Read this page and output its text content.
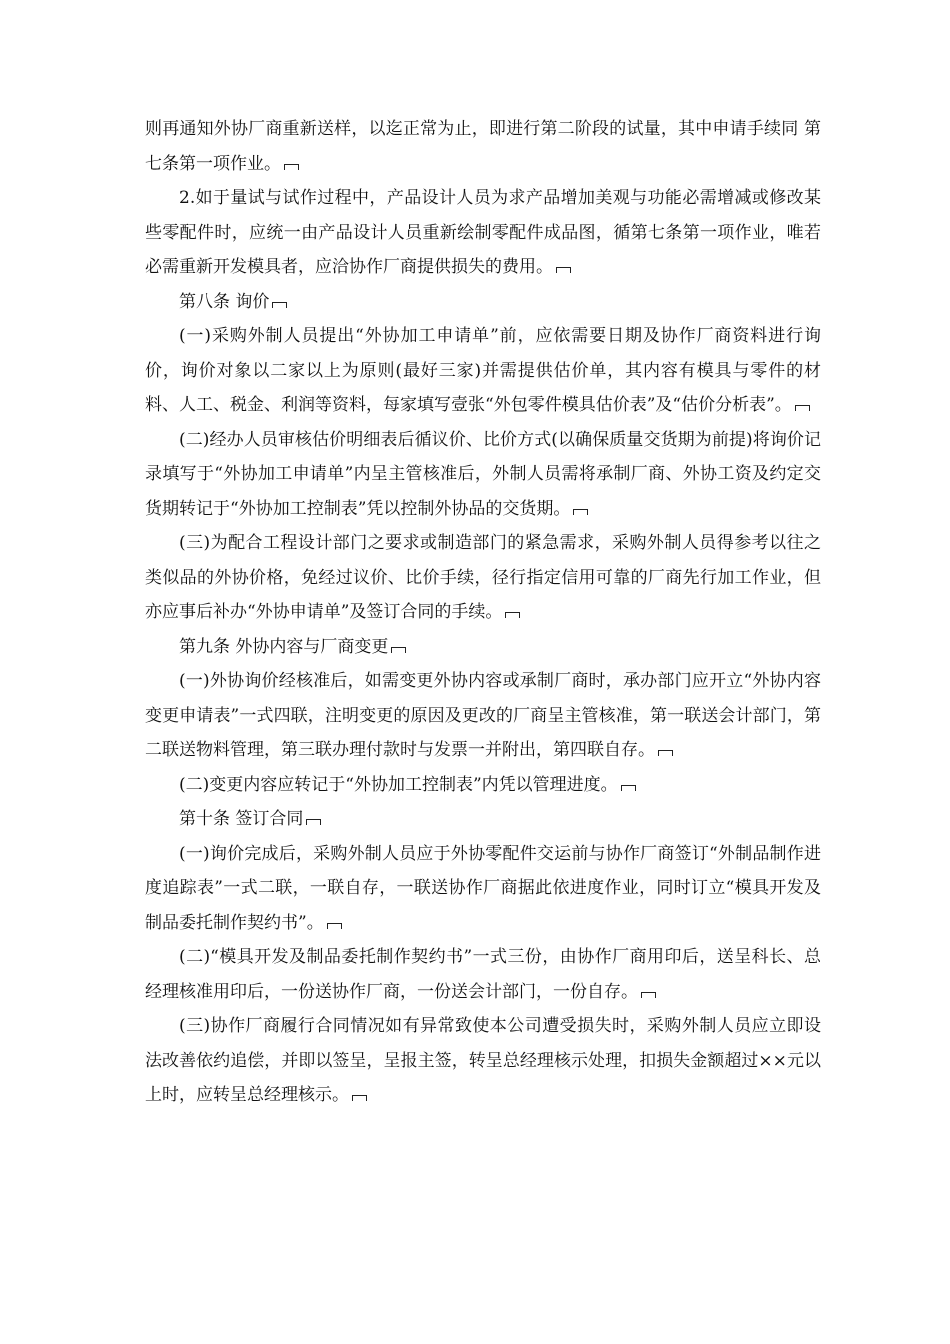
则再通知外协厂商重新送样，以迄正常为止，即进行第二阶段的试量，其中申请手续同 第七条第一项作业。

2.如于量试与试作过程中，产品设计人员为求产品增加美观与功能必需增减或修改某些零配件时，应统一由产品设计人员重新绘制零配件成品图，循第七条第一项作业，唯若必需重新开发模具者，应洽协作厂商提供损失的费用。

第八条 询价

(一)采购外制人员提出“外协加工申请单”前，应依需要日期及协作厂商资料进行询价，询价对象以二家以上为原则(最好三家)并需提供估价单，其内容有模具与零件的材料、人工、税金、利润等资料，每家填写壹张“外包零件模具估价表”及“估价分析表”。

(二)经办人员审核估价明细表后循议价、比价方式(以确保质量交货期为前提)将询价记录填写于“外协加工申请单”内呈主管核准后，外制人员需将承制厂商、外协工资及约定交货期转记于“外协加工控制表”凭以控制外协品的交货期。

(三)为配合工程设计部门之要求或制造部门的紧急需求，采购外制人员得参考以往之类似品的外协价格，免经过议价、比价手续，径行指定信用可靠的厂商先行加工作业，但亦应事后补办“外协申请单”及签订合同的手续。

第九条 外协内容与厂商变更

(一)外协询价经核准后，如需变更外协内容或承制厂商时，承办部门应开立“外协内容变更申请表”一式四联，注明变更的原因及更改的厂商呈主管核准，第一联送会计部门，第二联送物料管理，第三联办理付款时与发票一并附出，第四联自存。

(二)变更内容应转记于“外协加工控制表”内凭以管理进度。

第十条 签订合同

(一)询价完成后，采购外制人员应于外协零配件交运前与协作厂商签订“外制品制作进度追踪表”一式二联，一联自存，一联送协作厂商据此依进度作业，同时订立“模具开发及制品委托制作契约书”。

(二)“模具开发及制品委托制作契约书”一式三份，由协作厂商用印后，送呈科长、总经理核准用印后，一份送协作厂商，一份送会计部门，一份自存。

(三)协作厂商履行合同情况如有异常致使本公司遭受损失时，采购外制人员应立即设法改善依约追偿，并即以签呈，呈报主签，转呈总经理核示处理，扣损失金额超过××元以上时，应转呈总经理核示。
